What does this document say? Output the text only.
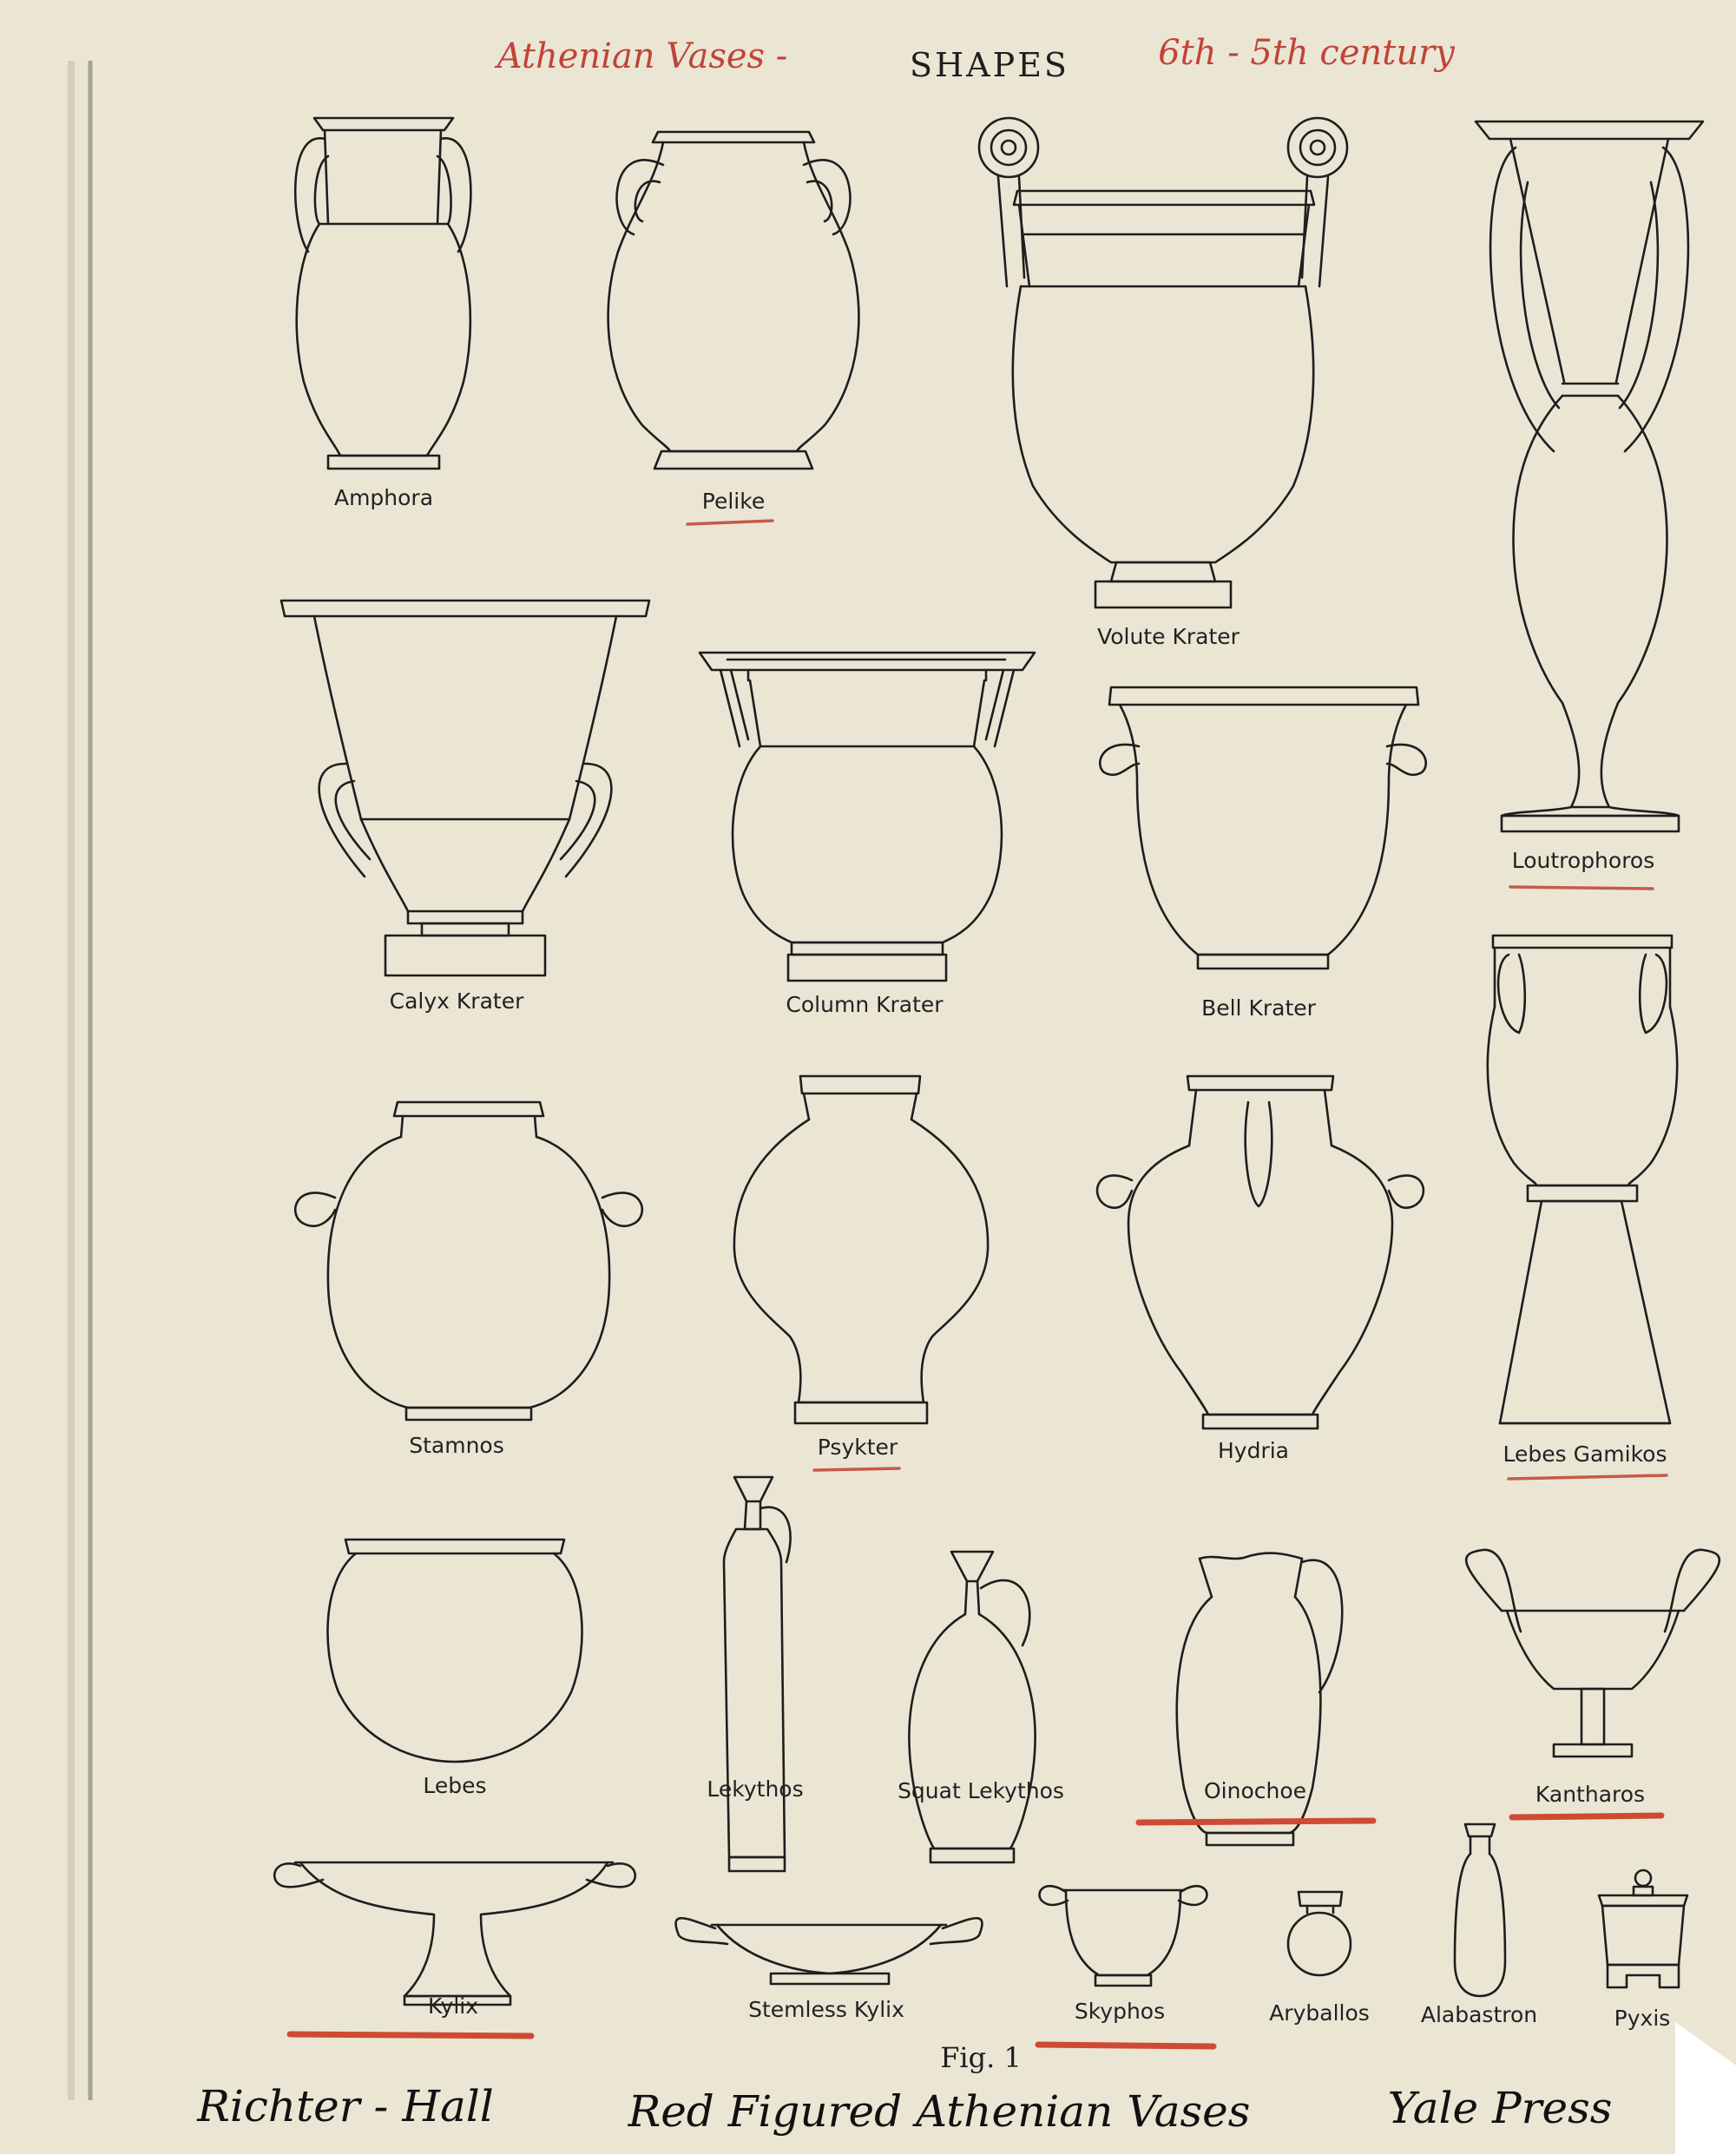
SHAPES
Athenian Vases -	6th - 5th century
Amphora	Pelike
Volute Krater
Loutrophoros
Calyx Krater	Column Krater	Bell Krater
Stamnos	Psykter	Hydria	Lebes Gamikos
Lebes	Lekythos	Squat Lekythos	Oinochoe	Kantharos
Kylix	Stemless Kylix	Skyphos	Aryballos Alabastron	Pyxis
Fig. 1
Richter - Hall	Red Figured Athenian Vases	Yale Press
